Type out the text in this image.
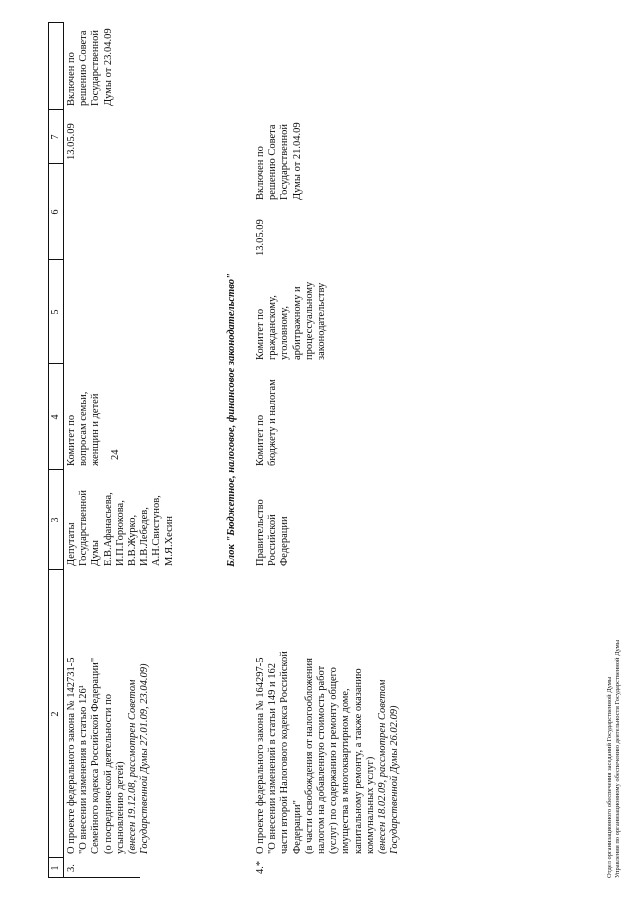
24
1
2
3
4
5
6
7
3.
О проекте федерального закона № 142731-5
"О внесении изменения в статью 126¹
Семейного кодекса Российской Федерации"
(о посреднической деятельности по
усыновлению детей)
(внесен 19.12.08, рассмотрен Советом
Государственной Думы 27.01.09, 23.04.09)
Депутаты
Государственной
Думы
Е.В.Афанасьева,
И.П.Горюкова,
В.В.Журко,
И.В.Лебедев,
А.Н.Свистунов,
М.Я.Хесин
Комитет по
вопросам семьи,
женщин и детей
13.05.09
Включен по
решению Совета
Государственной
Думы от 23.04.09
Блок "Бюджетное, налоговое, финансовое законодательство"
4.*
О проекте федерального закона № 164297-5
"О внесении изменений в статьи 149 и 162
части второй Налогового кодекса Российской
Федерации"
(в части освобождения от налогообложения
налогом на добавленную стоимость работ
(услуг) по содержанию и ремонту общего
имущества в многоквартирном доме,
капитальному ремонту, а также оказанию
коммунальных услуг)
(внесен 18.02.09, рассмотрен Советом
Государственной Думы 26.02.09)
Правительство
Российской
Федерации
Комитет по
бюджету и налогам
Комитет по
гражданскому,
уголовному,
арбитражному и
процессуальному
законодательству
13.05.09
Включен по
решению Совета
Государственной
Думы от 21.04.09
Отдел организационного обеспечения заседаний Государственной Думы Управления по организационному обеспечению деятельности Государственной Думы
